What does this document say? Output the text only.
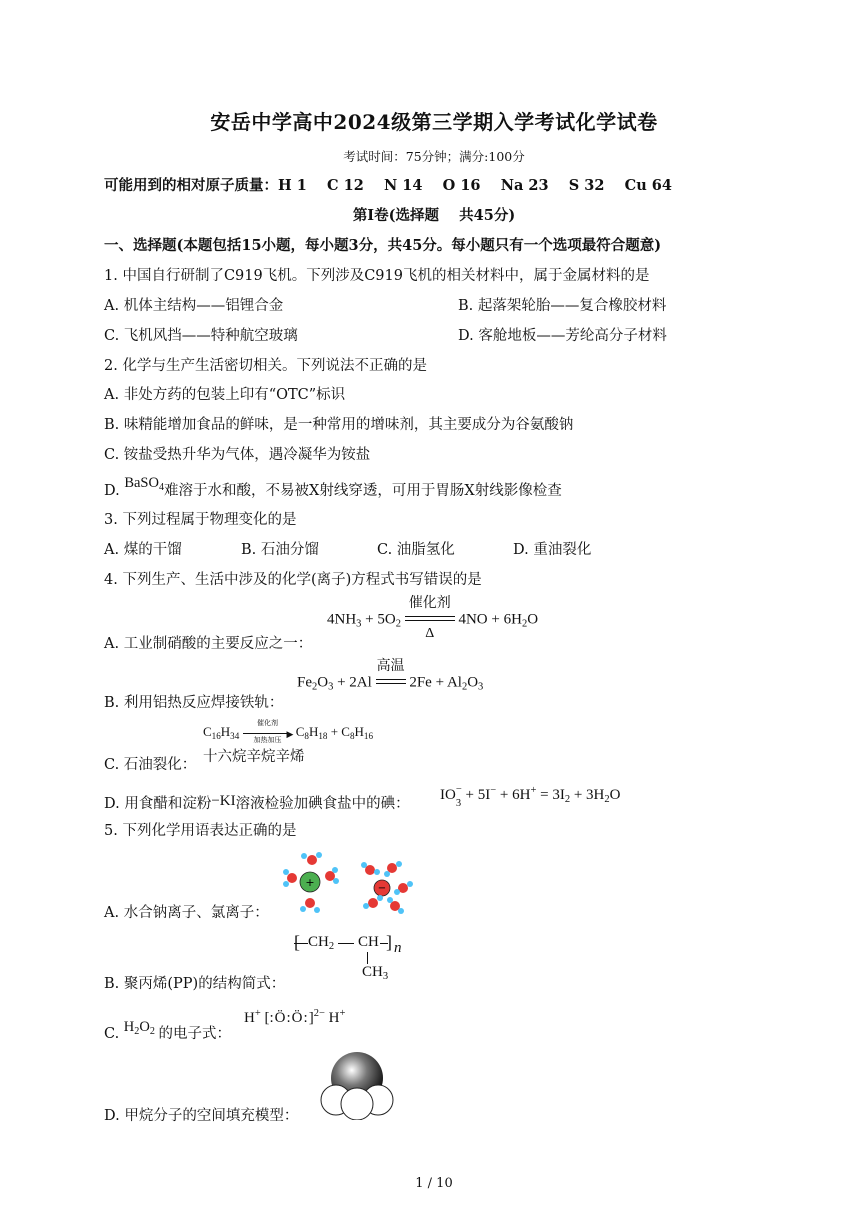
安岳中学高中2024级第三学期入学考试化学试卷
考试时间：75分钟；满分:100分
可能用到的相对原子质量：H 1    C 12    N 14    O 16    Na 23    S 32    Cu 64
第I卷(选择题    共45分)
一、选择题(本题包括15小题，每小题3分，共45分。每小题只有一个选项最符合题意)
1. 中国自行研制了C919飞机。下列涉及C919飞机的相关材料中，属于金属材料的是
A. 机体主结构——铝锂合金	B. 起落架轮胎——复合橡胶材料
C. 飞机风挡——特种航空玻璃	D. 客舱地板——芳纶高分子材料
2. 化学与生产生活密切相关。下列说法不正确的是
A. 非处方药的包装上印有“OTC”标识
B. 味精能增加食品的鲜味，是一种常用的增味剂，其主要成分为谷氨酸钠
C. 铵盐受热升华为气体，遇冷凝华为铵盐
D. BaSO$_4$难溶于水和酸，不易被X射线穿透，可用于胃肠X射线影像检查
3. 下列过程属于物理变化的是
A. 煤的干馏	B. 石油分馏	C. 油脂氢化	D. 重油裂化
4. 下列生产、生活中涉及的化学(离子)方程式书写错误的是
A. 工业制硝酸的主要反应之一：
$4NH_3 + 5O_2$
催化剂
Δ
$4NO + 6H_2O$
B. 利用铝热反应焊接铁轨：
$Fe_2O_3 + 2Al$
高温
$2Fe + Al_2O_3$
C. 石油裂化：
$C_{16}H_{34}$
催化剂
▶
加热加压
$C_8H_{18} + C_8H_{16}$
十六烷辛烷辛烯
D. 用食醋和淀粉−KI溶液检验加碘食盐中的碘：
IO−
3
+ $5I^- + 6H^+ = 3I_2 + 3H_2O$
5. 下列化学用语表达正确的是
A. 水合钠离子、氯离子：
+	−
B. 聚丙烯(PP)的结构简式：
[ $CH_2$ CH ] n
$CH_3$
C. $H_2O_2$ 的电子式：
H+ [:Ö:Ö:]$^{2-}$ H+
D. 甲烷分子的空间填充模型：
1 / 10
